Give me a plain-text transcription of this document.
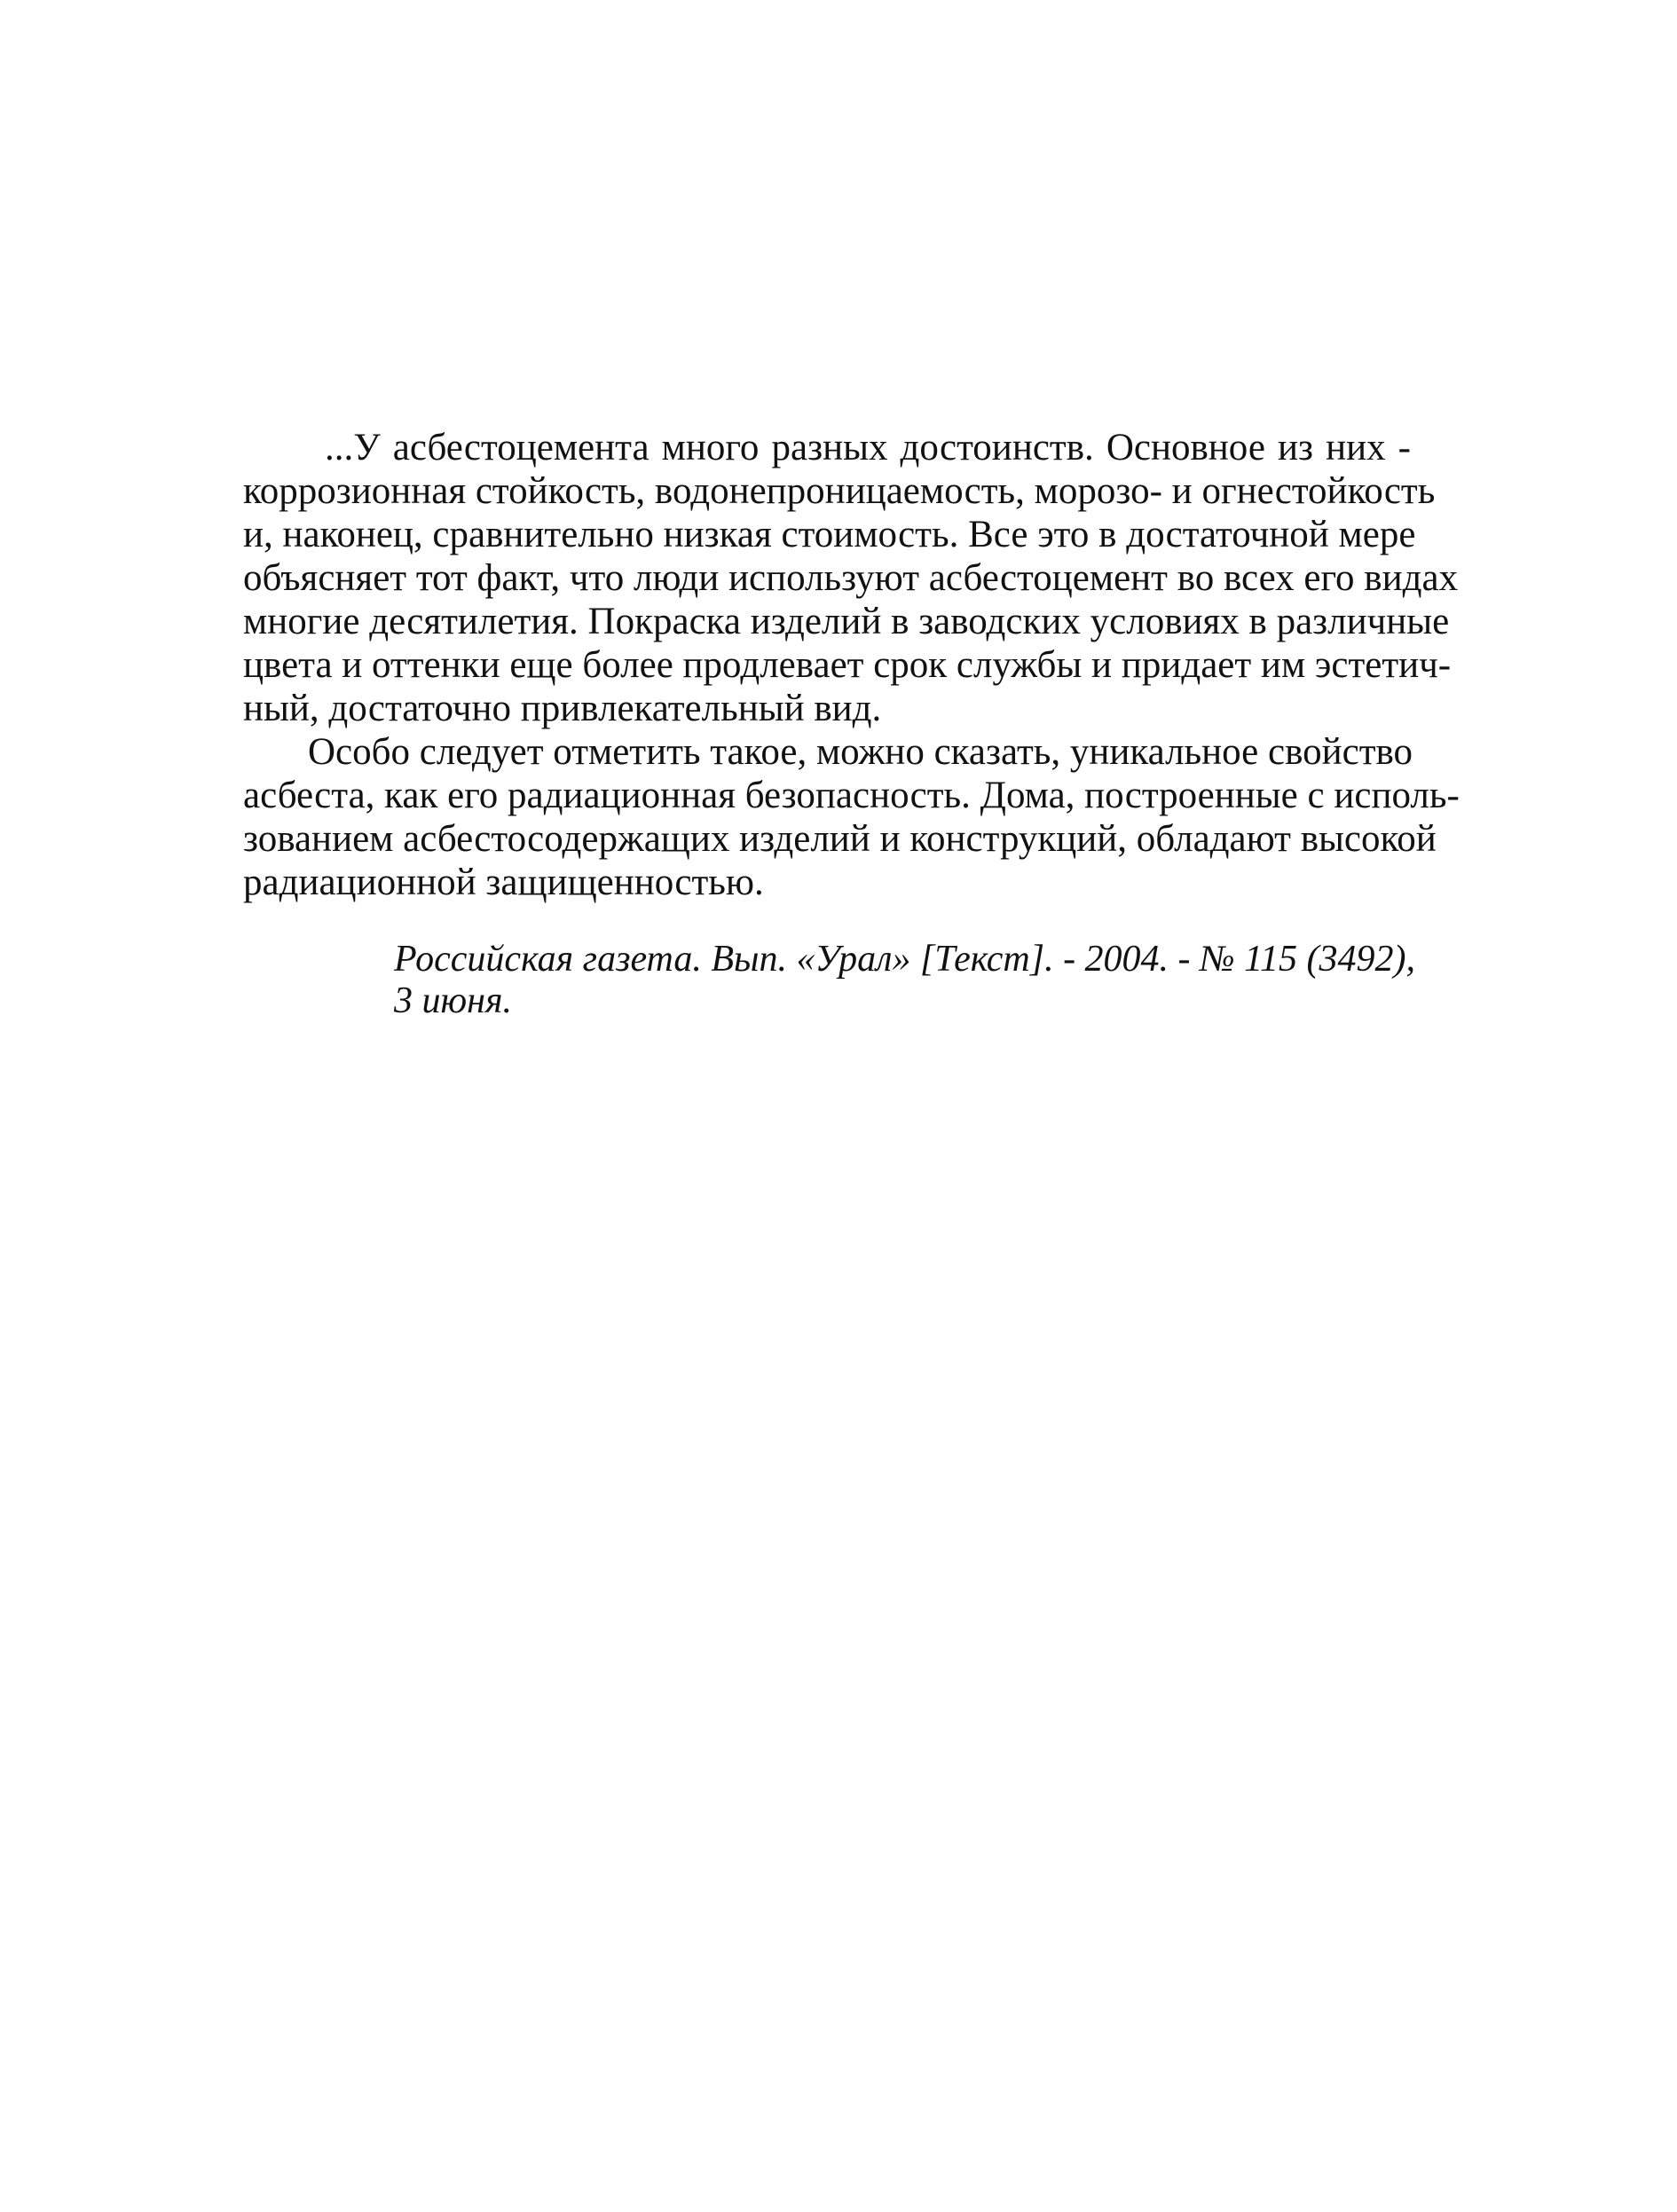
...У асбестоцемента много разных достоинств. Основное из них -
коррозионная стойкость, водонепроницаемость, морозо- и огнестойкость
и, наконец, сравнительно низкая стоимость. Все это в достаточной мере
объясняет тот факт, что люди используют асбестоцемент во всех его видах
многие десятилетия. Покраска изделий в заводских условиях в различные
цвета и оттенки еще более продлевает срок службы и придает им эстетич-
ный, достаточно привлекательный вид.
Особо следует отметить такое, можно сказать, уникальное свойство
асбеста, как его радиационная безопасность. Дома, построенные с исполь-
зованием асбестосодержащих изделий и конструкций, обладают высокой
радиационной защищенностью.
Российская газета. Вып. «Урал» [Текст]. - 2004. - № 115 (3492),
3 июня.
